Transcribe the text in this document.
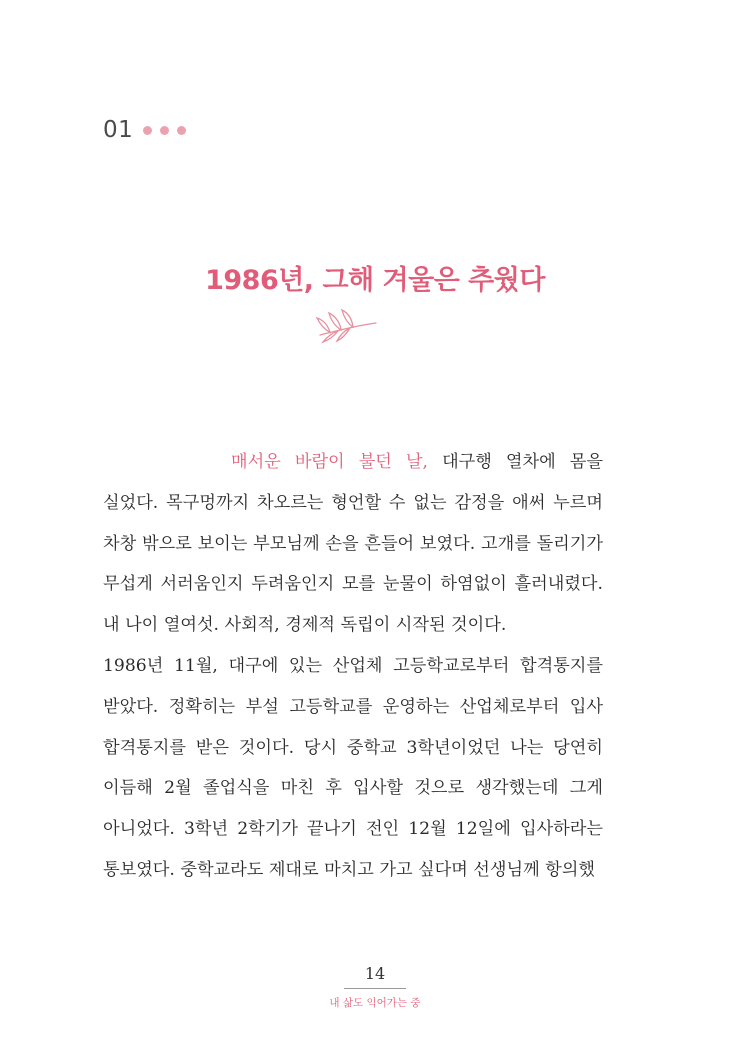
01
1986년, 그해 겨울은 추웠다

매서운 바람이 불던 날, 대구행 열차에 몸을 실었다. 목구멍까지 차오르는 형언할 수 없는 감정을 애써 누르며 차창 밖으로 보이는 부모님께 손을 흔들어 보였다. 고개를 돌리기가 무섭게 서러움인지 두려움인지 모를 눈물이 하염없이 흘러내렸다. 내 나이 열여섯. 사회적, 경제적 독립이 시작된 것이다.

1986년 11월, 대구에 있는 산업체 고등학교로부터 합격통지를 받았다. 정확히는 부설 고등학교를 운영하는 산업체로부터 입사 합격통지를 받은 것이다. 당시 중학교 3학년이었던 나는 당연히 이듬해 2월 졸업식을 마친 후 입사할 것으로 생각했는데 그게 아니었다. 3학년 2학기가 끝나기 전인 12월 12일에 입사하라는 통보였다. 중학교라도 제대로 마치고 가고 싶다며 선생님께 항의했

14
내 삶도 익어가는 중
